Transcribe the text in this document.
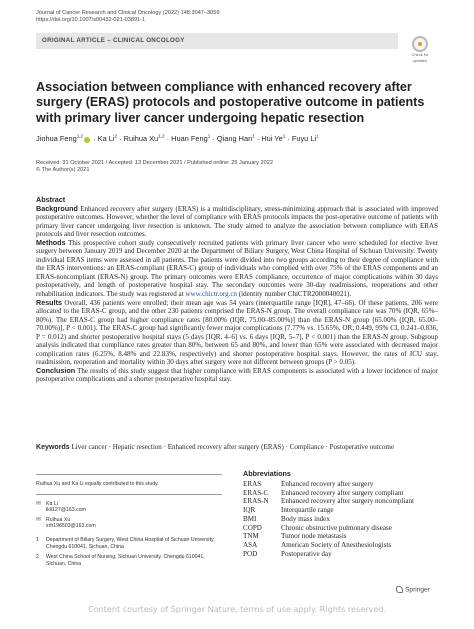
Journal of Cancer Research and Clinical Oncology (2022) 148:3047–3059
https://doi.org/10.1007/s00432-021-03891-1
ORIGINAL ARTICLE – CLINICAL ONCOLOGY
Check for
updates
Association between compliance with enhanced recovery after surgery (ERAS) protocols and postoperative outcome in patients with primary liver cancer undergoing hepatic resection
Jinhua Feng$^{1,2}$ · Ka $Li^2$ · Ruihua Xu$^{1,2}$ · Huan Feng$^1$ · Qiang Han$^1$ · Hui $Ye^1$ · Fuyu Li$^1$
Received: 31 October 2021 / Accepted: 13 December 2021 / Published online: 25 January 2022
© The Author(s) 2021
Abstract

Background Enhanced recovery after surgery (ERAS) is a multidisciplinary, stress-minimizing approach that is associated with improved postoperative outcomes. However, whether the level of compliance with ERAS protocols impacts the post-operative outcome of patients with primary liver cancer undergoing liver resection is unknown. The study aimed to analyze the association between compliance with ERAS protocols and liver resection outcomes.

Methods This prospective cohort study consecutively recruited patients with primary liver cancer who were scheduled for elective liver surgery between January 2019 and December 2020 at the Department of Biliary Surgery, West China Hospital of Sichuan University. Twenty individual ERAS items were assessed in all patients. The patients were divided into two groups according to their degree of compliance with the ERAS interventions: an ERAS-compliant (ERAS-C) group of individuals who complied with over 75% of the ERAS components and an ERAS-noncompliant (ERAS-N) group. The primary outcomes were ERAS compliance, occurrence of major complications within 30 days postoperatively, and length of postoperative hospital stay. The secondary outcomes were 30-day readmissions, reoperations and other rehabilitation indicators. The study was registered at www.chictr.org.cn (identity number ChiCTR2000040021).

Results Overall, 436 patients were enrolled; their mean age was 54 years (interquartile range [IQR], 47–66). Of these patients, 206 were allocated to the ERAS-C group, and the other 230 patients comprised the ERAS-N group. The overall compliance rate was 70% (IQR, 65%–80%). The ERAS-C group had higher compliance rates [80.00% (IQR, 75.00–85.00%)] than the ERAS-N group [65.00% (IQR, 65.00–70.00%)], P < 0.001). The ERAS-C group had significantly fewer major complications (7.77% vs. 15.65%, OR, 0.449, 95% CI, 0.241–0.836, P = 0.012) and shorter postoperative hospital stays (5 days [IQR, 4–6] vs. 6 days [IQR, 5–7], P < 0.001) than the ERAS-N group. Subgroup analysis indicated that compliance rates greater than 80%, between 65 and 80%, and lower than 65% were associated with decreased major complication rates (6.25%, 8.48% and 22.83%, respectively) and shorter postoperative hospital stays. However, the rates of ICU stay, readmission, reoperation and mortality within 30 days after surgery were not different between groups (P > 0.05).

Conclusion The results of this study suggest that higher compliance with ERAS components is associated with a lower incidence of major postoperative complications and a shorter postoperative hospital stay.

Keywords Liver cancer · Hepatic resection · Enhanced recovery after surgery (ERAS) · Compliance · Postoperative outcome
Ruihua Xu and Ka Li equally contributed to this study.
✉ Ka Li
lkli127@163.com
✉ Ruihua Xu
xrh196503@163.com
1	Department of Biliary Surgery, West China Hospital of Sichuan University, Chengdu 610041, Sichuan, China
2	West China School of Nursing, Sichuan University, Chengdu 610041, Sichuan, China
Abbreviations
ERAS	Enhanced recovery after surgery
ERAS-C	Enhanced recovery after surgery compliant
ERAS-N	Enhanced recovery after surgery noncompliant
IQR	Interquartile range
BMI	Body mass index
COPD	Chronic obstructive pulmonary disease
TNM	Tumor node metastasis
ASA	American Society of Anesthesiologists
POD	Postoperative day
Springer
Content courtesy of Springer Nature, terms of use apply. Rights reserved.
